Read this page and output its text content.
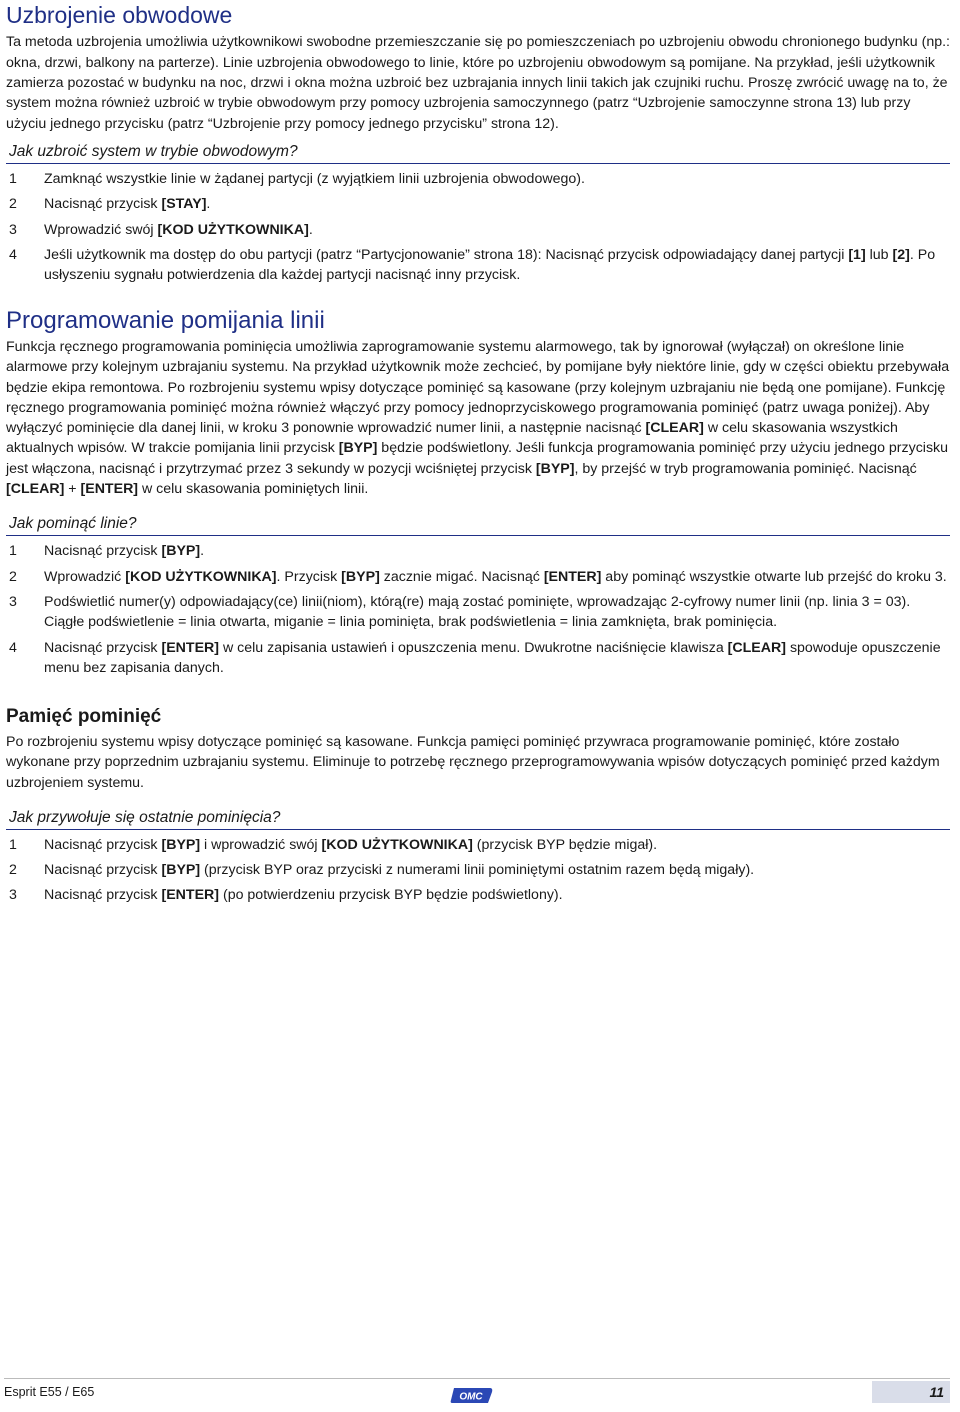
Uzbrojenie obwodowe

Ta metoda uzbrojenia umożliwia użytkownikowi swobodne przemieszczanie się po pomieszczeniach po uzbrojeniu obwodu chronionego budynku (np.: okna, drzwi, balkony na parterze). Linie uzbrojenia obwodowego to linie, które po uzbrojeniu obwodowym są pomijane. Na przykład, jeśli użytkownik zamierza pozostać w budynku na noc, drzwi i okna można uzbroić bez uzbrajania innych linii takich jak czujniki ruchu. Proszę zwrócić uwagę na to, że system można również uzbroić w trybie obwodowym przy pomocy uzbrojenia samoczynnego (patrz “Uzbrojenie samoczynne strona 13) lub przy użyciu jednego przycisku (patrz “Uzbrojenie przy pomocy jednego przycisku” strona 12).

Jak uzbroić system w trybie obwodowym?
1	Zamknąć wszystkie linie w żądanej partycji (z wyjątkiem linii uzbrojenia obwodowego).
2	Nacisnąć przycisk [STAY].
3	Wprowadzić swój [KOD UŻYTKOWNIKA].
4	Jeśli użytkownik ma dostęp do obu partycji (patrz “Partycjonowanie” strona 18): Nacisnąć przycisk odpowiadający danej partycji [1] lub [2]. Po usłyszeniu sygnału potwierdzenia dla każdej partycji nacisnąć inny przycisk.
Programowanie pomijania linii

Funkcja ręcznego programowania pominięcia umożliwia zaprogramowanie systemu alarmowego, tak by ignorował (wyłączał) on określone linie alarmowe przy kolejnym uzbrajaniu systemu. Na przykład użytkownik może zechcieć, by pomijane były niektóre linie, gdy w części obiektu przebywała będzie ekipa remontowa. Po rozbrojeniu systemu wpisy dotyczące pominięć są kasowane (przy kolejnym uzbrajaniu nie będą one pomijane). Funkcję ręcznego programowania pominięć można również włączyć przy pomocy jednoprzyciskowego programowania pominięć (patrz uwaga poniżej). Aby wyłączyć pominięcie dla danej linii, w kroku 3 ponownie wprowadzić numer linii, a następnie nacisnąć [CLEAR] w celu skasowania wszystkich aktualnych wpisów. W trakcie pomijania linii przycisk [BYP] będzie podświetlony. Jeśli funkcja programowania pominięć przy użyciu jednego przycisku jest włączona, nacisnąć i przytrzymać przez 3 sekundy w pozycji wciśniętej przycisk [BYP], by przejść w tryb programowania pominięć. Nacisnąć [CLEAR] + [ENTER] w celu skasowania pominiętych linii.

Jak pominąć linie?
1	Nacisnąć przycisk [BYP].
2	Wprowadzić [KOD UŻYTKOWNIKA]. Przycisk [BYP] zacznie migać. Nacisnąć [ENTER] aby pominąć wszystkie otwarte lub przejść do kroku 3.
3	Podświetlić numer(y) odpowiadający(ce) linii(niom), którą(re) mają zostać pominięte, wprowadzając 2-cyfrowy numer linii (np. linia 3 = 03). Ciągłe podświetlenie = linia otwarta, miganie = linia pominięta, brak podświetlenia = linia zamknięta, brak pominięcia.
4	Nacisnąć przycisk [ENTER] w celu zapisania ustawień i opuszczenia menu. Dwukrotne naciśnięcie klawisza [CLEAR] spowoduje opuszczenie menu bez zapisania danych.
Pamięć pominięć

Po rozbrojeniu systemu wpisy dotyczące pominięć są kasowane. Funkcja pamięci pominięć przywraca programowanie pominięć, które zostało wykonane przy poprzednim uzbrajaniu systemu. Eliminuje to potrzebę ręcznego przeprogramowywania wpisów dotyczących pominięć przed każdym uzbrojeniem systemu.

Jak przywołuje się ostatnie pominięcia?
1	Nacisnąć przycisk [BYP] i wprowadzić swój [KOD UŻYTKOWNIKA] (przycisk BYP będzie migał).
2	Nacisnąć przycisk [BYP] (przycisk BYP oraz przyciski z numerami linii pominiętymi ostatnim razem będą migały).
3	Nacisnąć przycisk [ENTER] (po potwierdzeniu przycisk BYP będzie podświetlony).
Esprit E55 / E65	OMC	11
